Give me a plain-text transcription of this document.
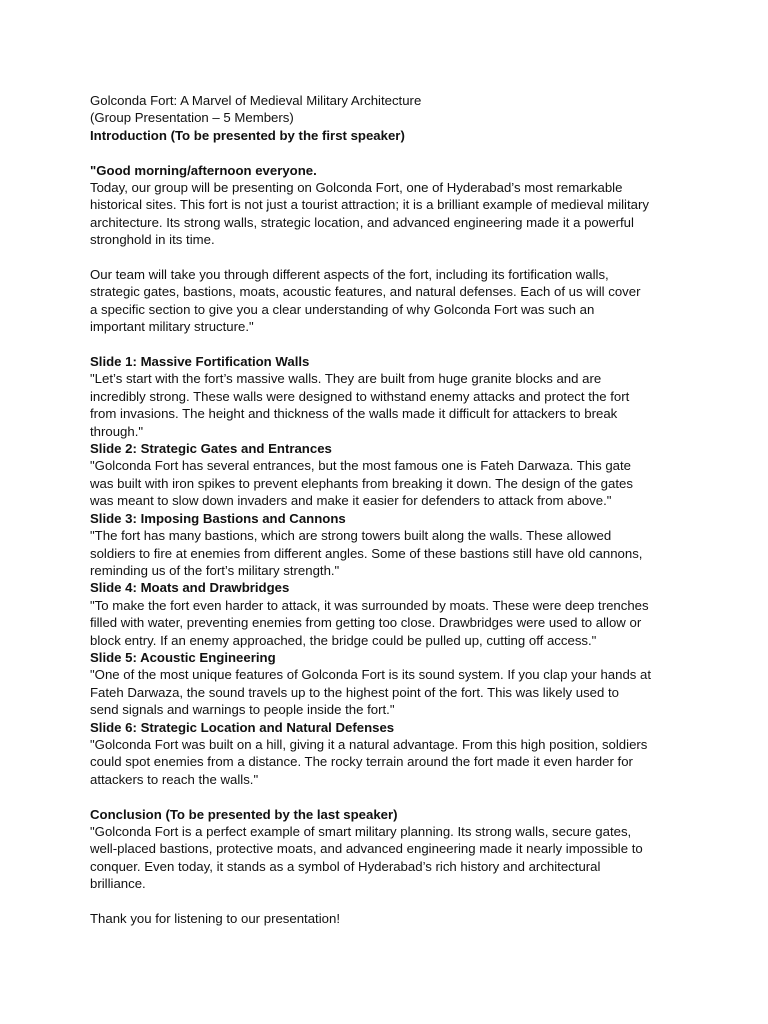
Golconda Fort: A Marvel of Medieval Military Architecture

(Group Presentation – 5 Members)

Introduction (To be presented by the first speaker)

"Good morning/afternoon everyone.

Today, our group will be presenting on Golconda Fort, one of Hyderabad’s most remarkable

historical sites. This fort is not just a tourist attraction; it is a brilliant example of medieval military

architecture. Its strong walls, strategic location, and advanced engineering made it a powerful

stronghold in its time.

Our team will take you through different aspects of the fort, including its fortification walls,

strategic gates, bastions, moats, acoustic features, and natural defenses. Each of us will cover

a specific section to give you a clear understanding of why Golconda Fort was such an

important military structure."

Slide 1: Massive Fortification Walls

"Let’s start with the fort’s massive walls. They are built from huge granite blocks and are

incredibly strong. These walls were designed to withstand enemy attacks and protect the fort

from invasions. The height and thickness of the walls made it difficult for attackers to break

through."

Slide 2: Strategic Gates and Entrances

"Golconda Fort has several entrances, but the most famous one is Fateh Darwaza. This gate

was built with iron spikes to prevent elephants from breaking it down. The design of the gates

was meant to slow down invaders and make it easier for defenders to attack from above."

Slide 3: Imposing Bastions and Cannons

"The fort has many bastions, which are strong towers built along the walls. These allowed

soldiers to fire at enemies from different angles. Some of these bastions still have old cannons,

reminding us of the fort’s military strength."

Slide 4: Moats and Drawbridges

"To make the fort even harder to attack, it was surrounded by moats. These were deep trenches

filled with water, preventing enemies from getting too close. Drawbridges were used to allow or

block entry. If an enemy approached, the bridge could be pulled up, cutting off access."

Slide 5: Acoustic Engineering

"One of the most unique features of Golconda Fort is its sound system. If you clap your hands at

Fateh Darwaza, the sound travels up to the highest point of the fort. This was likely used to

send signals and warnings to people inside the fort."

Slide 6: Strategic Location and Natural Defenses

"Golconda Fort was built on a hill, giving it a natural advantage. From this high position, soldiers

could spot enemies from a distance. The rocky terrain around the fort made it even harder for

attackers to reach the walls."

Conclusion (To be presented by the last speaker)

"Golconda Fort is a perfect example of smart military planning. Its strong walls, secure gates,

well-placed bastions, protective moats, and advanced engineering made it nearly impossible to

conquer. Even today, it stands as a symbol of Hyderabad’s rich history and architectural

brilliance.

Thank you for listening to our presentation!
